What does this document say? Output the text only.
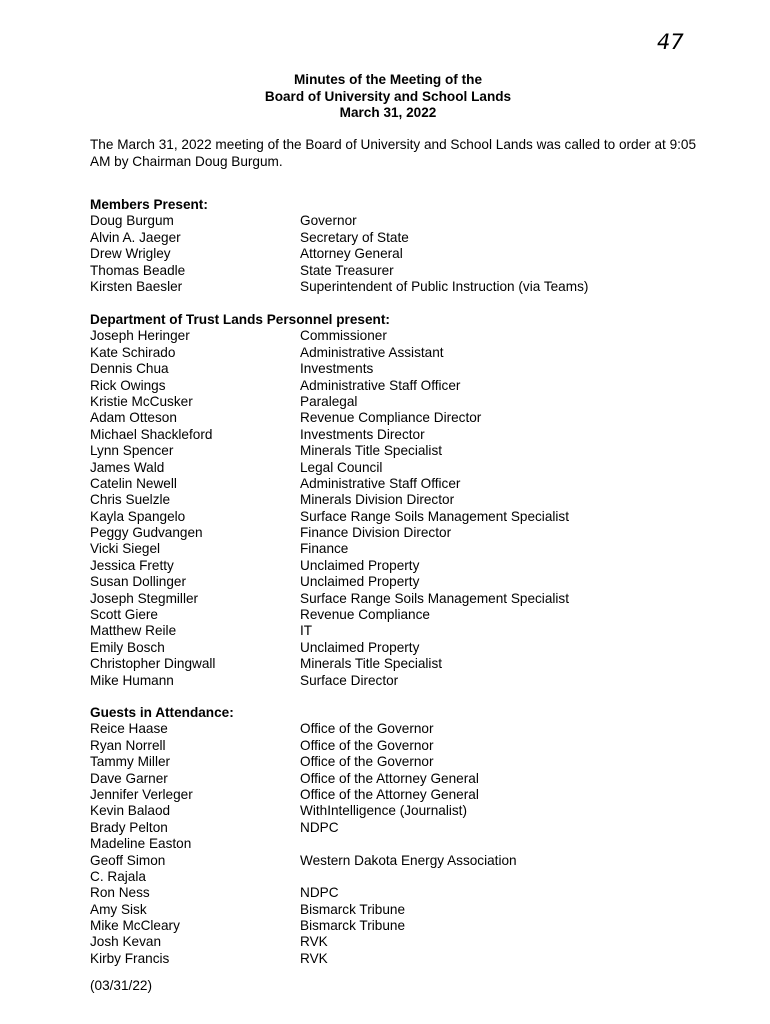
47
Minutes of the Meeting of the
Board of University and School Lands
March 31, 2022
The March 31, 2022 meeting of the Board of University and School Lands was called to order at 9:05 AM by Chairman Doug Burgum.
Members Present:
Doug Burgum	Governor
Alvin A. Jaeger	Secretary of State
Drew Wrigley	Attorney General
Thomas Beadle	State Treasurer
Kirsten Baesler	Superintendent of Public Instruction (via Teams)
Department of Trust Lands Personnel present:
Joseph Heringer	Commissioner
Kate Schirado	Administrative Assistant
Dennis Chua	Investments
Rick Owings	Administrative Staff Officer
Kristie McCusker	Paralegal
Adam Otteson	Revenue Compliance Director
Michael Shackleford	Investments Director
Lynn Spencer	Minerals Title Specialist
James Wald	Legal Council
Catelin Newell	Administrative Staff Officer
Chris Suelzle	Minerals Division Director
Kayla Spangelo	Surface Range Soils Management Specialist
Peggy Gudvangen	Finance Division Director
Vicki Siegel	Finance
Jessica Fretty	Unclaimed Property
Susan Dollinger	Unclaimed Property
Joseph Stegmiller	Surface Range Soils Management Specialist
Scott Giere	Revenue Compliance
Matthew Reile	IT
Emily Bosch	Unclaimed Property
Christopher Dingwall	Minerals Title Specialist
Mike Humann	Surface Director
Guests in Attendance:
Reice Haase	Office of the Governor
Ryan Norrell	Office of the Governor
Tammy Miller	Office of the Governor
Dave Garner	Office of the Attorney General
Jennifer Verleger	Office of the Attorney General
Kevin Balaod	WithIntelligence (Journalist)
Brady Pelton	NDPC
Madeline Easton
Geoff Simon	Western Dakota Energy Association
C. Rajala
Ron Ness	NDPC
Amy Sisk	Bismarck Tribune
Mike McCleary	Bismarck Tribune
Josh Kevan	RVK
Kirby Francis	RVK
(03/31/22)
